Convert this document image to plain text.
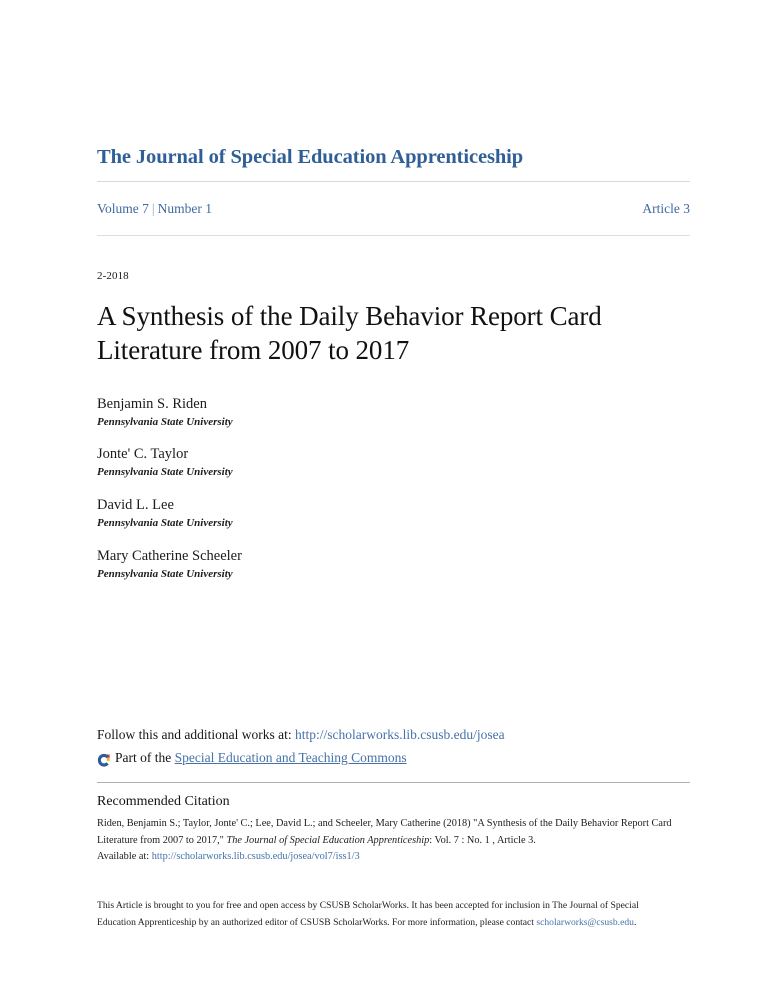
The Journal of Special Education Apprenticeship
Volume 7 | Number 1	Article 3
2-2018
A Synthesis of the Daily Behavior Report Card Literature from 2007 to 2017
Benjamin S. Riden
Pennsylvania State University
Jonte' C. Taylor
Pennsylvania State University
David L. Lee
Pennsylvania State University
Mary Catherine Scheeler
Pennsylvania State University
Follow this and additional works at: http://scholarworks.lib.csusb.edu/josea
Part of the
Special Education and Teaching Commons
Recommended Citation
Riden, Benjamin S.; Taylor, Jonte' C.; Lee, David L.; and Scheeler, Mary Catherine (2018) "A Synthesis of the Daily Behavior Report Card Literature from 2007 to 2017," The Journal of Special Education Apprenticeship: Vol. 7 : No. 1 , Article 3.
Available at: http://scholarworks.lib.csusb.edu/josea/vol7/iss1/3
This Article is brought to you for free and open access by CSUSB ScholarWorks. It has been accepted for inclusion in The Journal of Special Education Apprenticeship by an authorized editor of CSUSB ScholarWorks. For more information, please contact scholarworks@csusb.edu.
